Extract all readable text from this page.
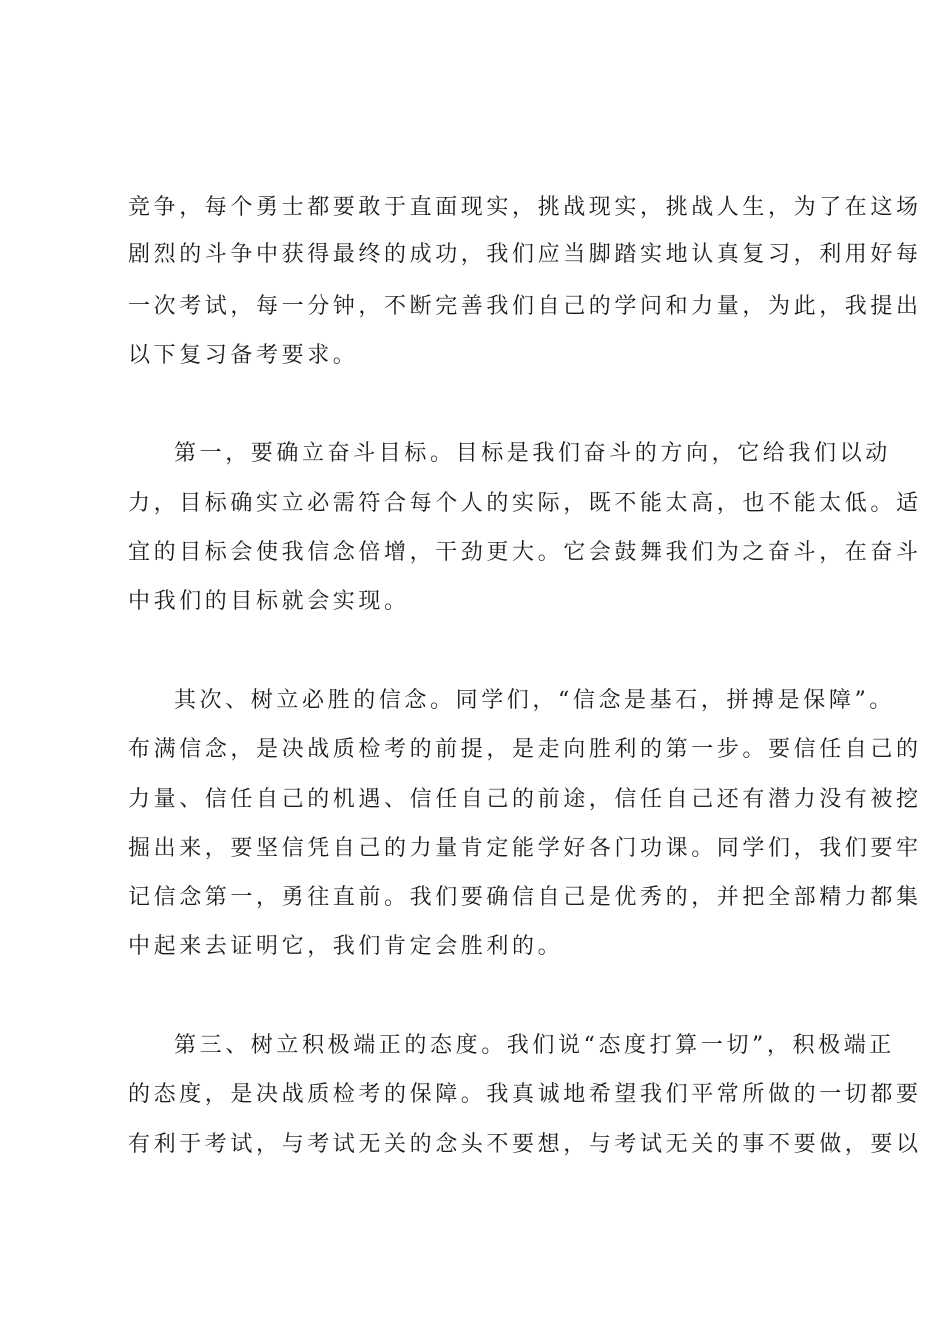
竞争，每个勇士都要敢于直面现实，挑战现实，挑战人生，为了在这场

剧烈的斗争中获得最终的成功，我们应当脚踏实地认真复习，利用好每

一次考试，每一分钟，不断完善我们自己的学问和力量，为此，我提出

以下复习备考要求。

第一，要确立奋斗目标。目标是我们奋斗的方向，它给我们以动

力，目标确实立必需符合每个人的实际，既不能太高，也不能太低。适

宜的目标会使我信念倍增，干劲更大。它会鼓舞我们为之奋斗，在奋斗

中我们的目标就会实现。

其次、树立必胜的信念。同学们，“信念是基石，拼搏是保障”。

布满信念，是决战质检考的前提，是走向胜利的第一步。要信任自己的

力量、信任自己的机遇、信任自己的前途，信任自己还有潜力没有被挖

掘出来，要坚信凭自己的力量肯定能学好各门功课。同学们，我们要牢

记信念第一，勇往直前。我们要确信自己是优秀的，并把全部精力都集

中起来去证明它，我们肯定会胜利的。

第三、树立积极端正的态度。我们说“态度打算一切”，积极端正

的态度，是决战质检考的保障。我真诚地希望我们平常所做的一切都要

有利于考试，与考试无关的念头不要想，与考试无关的事不要做，要以
